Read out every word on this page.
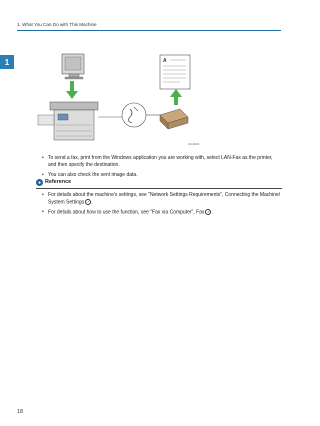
1. What You Can Do with This Machine
1	A
CUA001
• To send a fax, print from the Windows application you are working with, select LAN-Fax as the printer, and then specify the destination.
• You can also check the sent image data.
● Reference
• For details about the machine's settings, see "Network Settings Requirements", Connecting the Machine/ System Settings ↗ .
• For details about how to use the function, see "Fax via Computer", Fax ↗ .
18
